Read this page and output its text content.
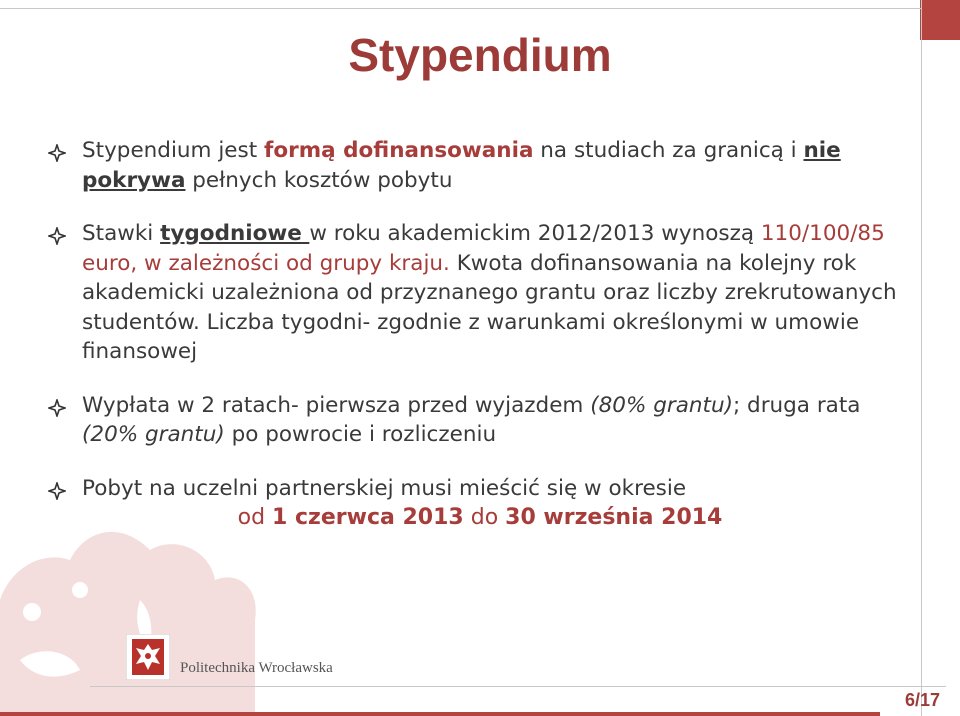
Stypendium
Stypendium jest formą dofinansowania na studiach za granicą i nie pokrywa pełnych kosztów pobytu
Stawki tygodniowe w roku akademickim 2012/2013 wynoszą 110/100/85 euro, w zależności od grupy kraju. Kwota dofinansowania na kolejny rok akademicki uzależniona od przyznanego grantu oraz liczby zrekrutowanych studentów. Liczba tygodni- zgodnie z warunkami określonymi w umowie finansowej
Wypłata w 2 ratach- pierwsza przed wyjazdem (80% grantu); druga rata (20% grantu) po powrocie i rozliczeniu
Pobyt na uczelni partnerskiej musi mieścić się w okresie
od 1 czerwca 2013 do 30 września 2014
Politechnika Wrocławska
6/17
